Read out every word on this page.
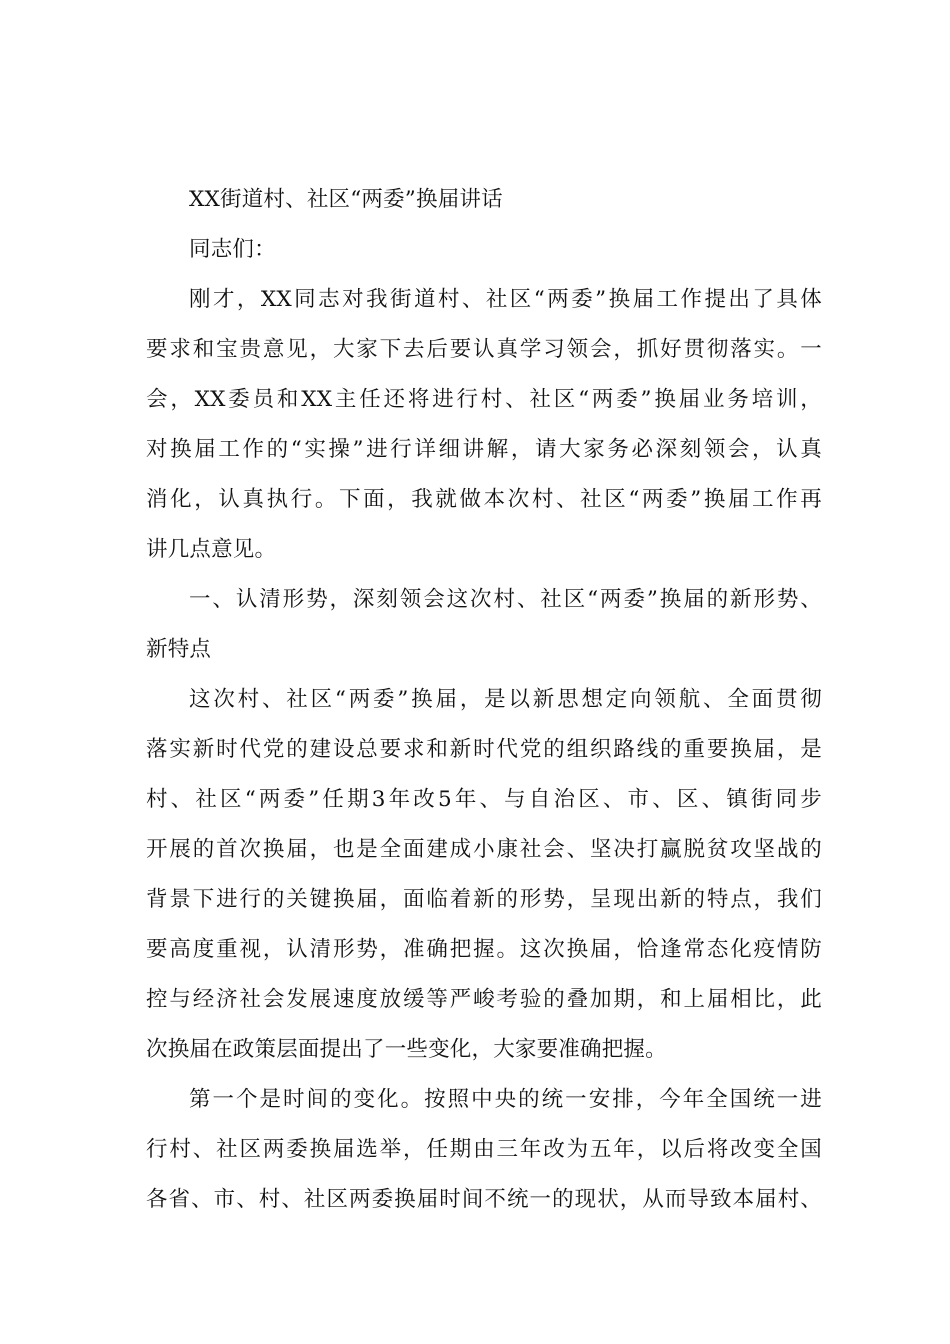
XX街道村、社区“两委”换届讲话
同志们：
刚才，XX同志对我街道村、社区“两委”换届工作提出了具体
要求和宝贵意见，大家下去后要认真学习领会，抓好贯彻落实。一
会，XX委员和XX主任还将进行村、社区“两委”换届业务培训，
对换届工作的“实操”进行详细讲解，请大家务必深刻领会，认真
消化，认真执行。下面，我就做本次村、社区“两委”换届工作再
讲几点意见。
一、认清形势，深刻领会这次村、社区“两委”换届的新形势、
新特点
这次村、社区“两委”换届，是以新思想定向领航、全面贯彻
落实新时代党的建设总要求和新时代党的组织路线的重要换届，是
村、社区“两委”任期3年改5年、与自治区、市、区、镇街同步
开展的首次换届，也是全面建成小康社会、坚决打赢脱贫攻坚战的
背景下进行的关键换届，面临着新的形势，呈现出新的特点，我们
要高度重视，认清形势，准确把握。这次换届，恰逢常态化疫情防
控与经济社会发展速度放缓等严峻考验的叠加期，和上届相比，此
次换届在政策层面提出了一些变化，大家要准确把握。
第一个是时间的变化。按照中央的统一安排，今年全国统一进
行村、社区两委换届选举，任期由三年改为五年，以后将改变全国
各省、市、村、社区两委换届时间不统一的现状，从而导致本届村、
